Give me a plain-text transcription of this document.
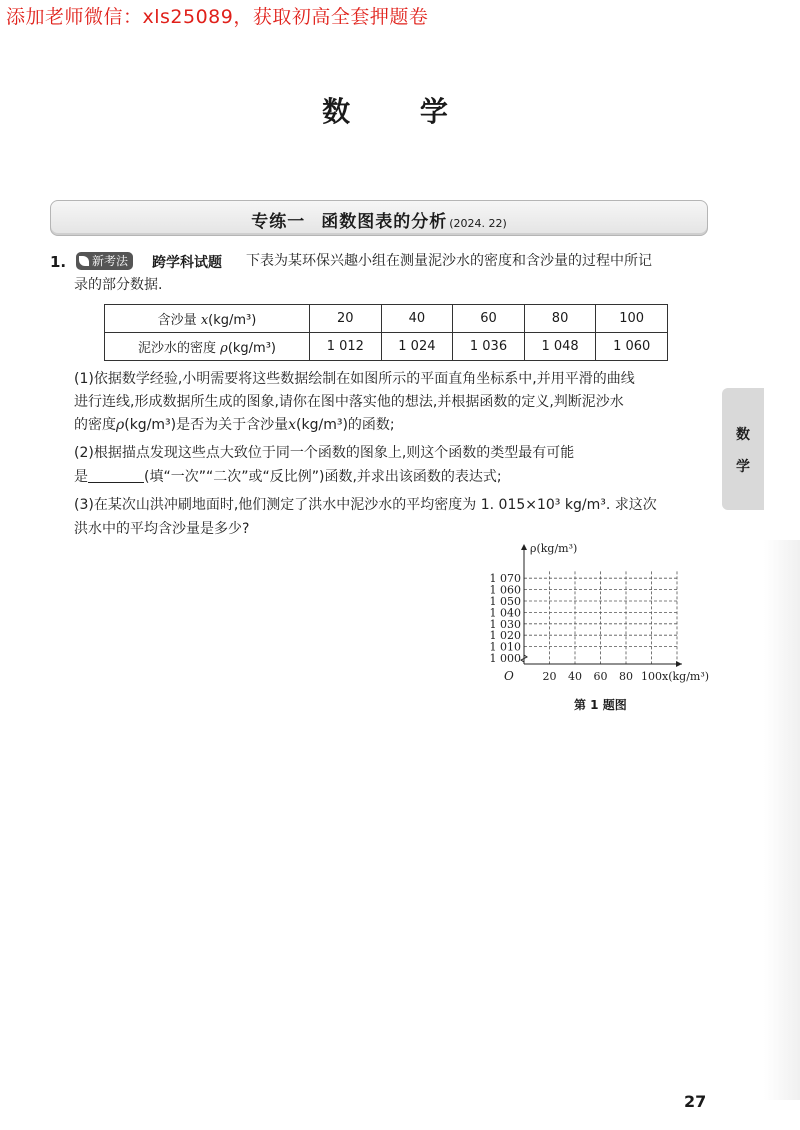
添加老师微信：xls25089，获取初高全套押题卷
数 学
专练一 函数图表的分析 (2024. 22)
1.	新考法	跨学科试题 下表为某环保兴趣小组在测量泥沙水的密度和含沙量的过程中所记
录的部分数据.
含沙量 x(kg/m³)	20	40	60	80	100
泥沙水的密度 ρ(kg/m³)	1 012	1 024	1 036	1 048	1 060
(1)依据数学经验,小明需要将这些数据绘制在如图所示的平面直角坐标系中,并用平滑的曲线
进行连线,形成数据所生成的图象,请你在图中落实他的想法,并根据函数的定义,判断泥沙水
的密度ρ(kg/m³)是否为关于含沙量x(kg/m³)的函数;
(2)根据描点发现这些点大致位于同一个函数的图象上,则这个函数的类型最有可能
是	(填“一次”“二次”或“反比例”)函数,并求出该函数的表达式;
(3)在某次山洪冲刷地面时,他们测定了洪水中泥沙水的平均密度为 1. 015×10³ kg/m³. 求这次
洪水中的平均含沙量是多少?
1 070
1 060
1 050
1 040
1 030
1 020
1 010
1 000
20 40 60 80 100
O
ρ(kg/m³)
x(kg/m³)
第 1 题图
数
学
27
